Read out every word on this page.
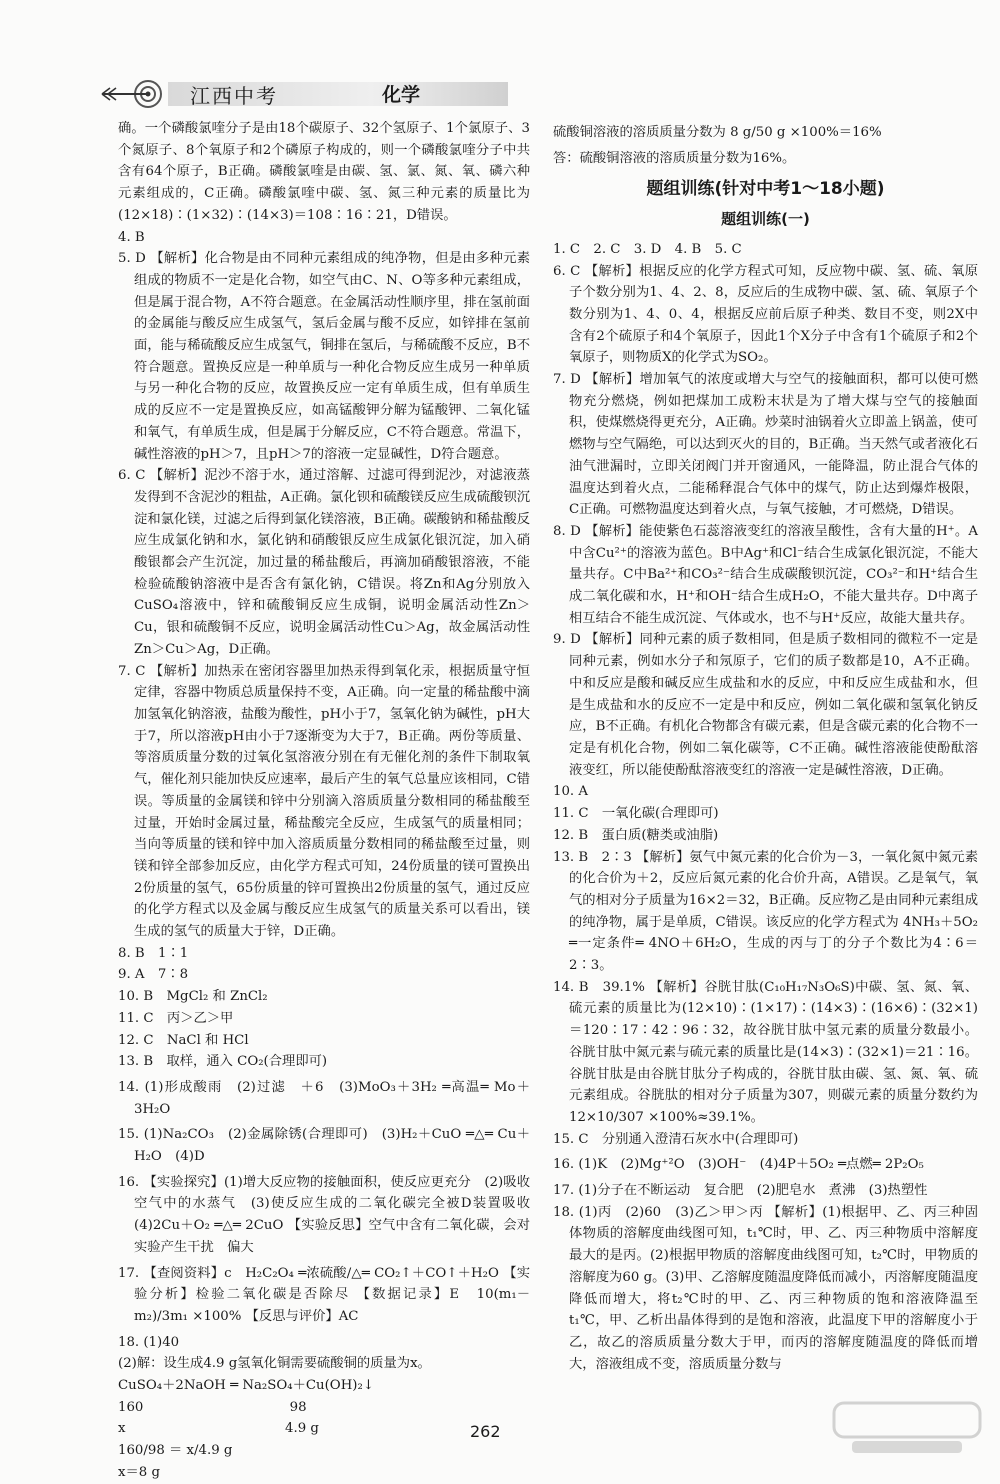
江西中考	化学

确。一个磷酸氯喹分子是由18个碳原子、32个氢原子、1个氯原子、3个氮原子、8个氧原子和2个磷原子构成的，则一个磷酸氯喹分子中共含有64个原子，B正确。磷酸氯喹是由碳、氢、氯、氮、氧、磷六种元素组成的，C正确。磷酸氯喹中碳、氢、氮三种元素的质量比为(12×18)∶(1×32)∶(14×3)＝108∶16∶21，D错误。

4. B

5. D 【解析】化合物是由不同种元素组成的纯净物，但是由多种元素组成的物质不一定是化合物，如空气由C、N、O等多种元素组成，但是属于混合物，A不符合题意。在金属活动性顺序里，排在氢前面的金属能与酸反应生成氢气，氢后金属与酸不反应，如锌排在氢前面，能与稀硫酸反应生成氢气，铜排在氢后，与稀硫酸不反应，B不符合题意。置换反应是一种单质与一种化合物反应生成另一种单质与另一种化合物的反应，故置换反应一定有单质生成，但有单质生成的反应不一定是置换反应，如高锰酸钾分解为锰酸钾、二氧化锰和氧气，有单质生成，但是属于分解反应，C不符合题意。常温下，碱性溶液的pH＞7，且pH＞7的溶液一定显碱性，D符合题意。

6. C 【解析】泥沙不溶于水，通过溶解、过滤可得到泥沙，对滤液蒸发得到不含泥沙的粗盐，A正确。氯化钡和硫酸镁反应生成硫酸钡沉淀和氯化镁，过滤之后得到氯化镁溶液，B正确。碳酸钠和稀盐酸反应生成氯化钠和水，氯化钠和硝酸银反应生成氯化银沉淀，加入硝酸银都会产生沉淀，加过量的稀盐酸后，再滴加硝酸银溶液，不能检验硫酸钠溶液中是否含有氯化钠，C错误。将Zn和Ag分别放入CuSO₄溶液中，锌和硫酸铜反应生成铜，说明金属活动性Zn＞Cu，银和硫酸铜不反应，说明金属活动性Cu＞Ag，故金属活动性Zn＞Cu＞Ag，D正确。

7. C 【解析】加热汞在密闭容器里加热汞得到氧化汞，根据质量守恒定律，容器中物质总质量保持不变，A正确。向一定量的稀盐酸中滴加氢氧化钠溶液，盐酸为酸性，pH小于7，氢氧化钠为碱性，pH大于7，所以溶液pH由小于7逐渐变为大于7，B正确。两份等质量、等溶质质量分数的过氧化氢溶液分别在有无催化剂的条件下制取氧气，催化剂只能加快反应速率，最后产生的氧气总量应该相同，C错误。等质量的金属镁和锌中分别滴入溶质质量分数相同的稀盐酸至过量，开始时金属过量，稀盐酸完全反应，生成氢气的质量相同；当向等质量的镁和锌中加入溶质质量分数相同的稀盐酸至过量，则镁和锌全部参加反应，由化学方程式可知，24份质量的镁可置换出2份质量的氢气，65份质量的锌可置换出2份质量的氢气，通过反应的化学方程式以及金属与酸反应生成氢气的质量关系可以看出，镁生成的氢气的质量大于锌，D正确。

8. B　1∶1

9. A　7∶8

10. B　MgCl₂ 和 ZnCl₂

11. C　丙＞乙＞甲

12. C　NaCl 和 HCl

13. B　取样，通入 CO₂(合理即可)

14. (1)形成酸雨　(2)过滤　＋6　(3)MoO₃＋3H₂ ═高温═ Mo＋3H₂O

15. (1)Na₂CO₃　(2)金属除锈(合理即可)　(3)H₂＋CuO ═△═ Cu＋H₂O　(4)D

16. 【实验探究】(1)增大反应物的接触面积，使反应更充分　(2)吸收空气中的水蒸气　(3)使反应生成的二氧化碳完全被D装置吸收　(4)2Cu＋O₂ ═△═ 2CuO 【实验反思】空气中含有二氧化碳，会对实验产生干扰　偏大

17. 【查阅资料】c　H₂C₂O₄ ═浓硫酸/△═ CO₂↑＋CO↑＋H₂O 【实验分析】检验二氧化碳是否除尽 【数据记录】E　10(m₁－m₂)/3m₁ ×100% 【反思与评价】AC

18. (1)40

(2)解：设生成4.9 g氢氧化铜需要硫酸铜的质量为x。

CuSO₄＋2NaOH ═ Na₂SO₄＋Cu(OH)₂↓

160　　　　　　　　　　　98

x　　　　　　　　　　　　4.9 g

160/98 ＝ x/4.9 g

x＝8 g

硫酸铜溶液的溶质质量分数为 8 g/50 g ×100%＝16%

答：硫酸铜溶液的溶质质量分数为16%。

题组训练(针对中考1～18小题)
题组训练(一)

1. C　2. C　3. D　4. B　5. C

6. C 【解析】根据反应的化学方程式可知，反应物中碳、氢、硫、氧原子个数分别为1、4、2、8，反应后的生成物中碳、氢、硫、氧原子个数分别为1、4、0、4，根据反应前后原子种类、数目不变，则2X中含有2个硫原子和4个氧原子，因此1个X分子中含有1个硫原子和2个氧原子，则物质X的化学式为SO₂。

7. D 【解析】增加氧气的浓度或增大与空气的接触面积，都可以使可燃物充分燃烧，例如把煤加工成粉末状是为了增大煤与空气的接触面积，使煤燃烧得更充分，A正确。炒菜时油锅着火立即盖上锅盖，使可燃物与空气隔绝，可以达到灭火的目的，B正确。当天然气或者液化石油气泄漏时，立即关闭阀门并开窗通风，一能降温，防止混合气体的温度达到着火点，二能稀释混合气体中的煤气，防止达到爆炸极限，C正确。可燃物温度达到着火点，与氧气接触，才可燃烧，D错误。

8. D 【解析】能使紫色石蕊溶液变红的溶液呈酸性，含有大量的H⁺。A中含Cu²⁺的溶液为蓝色。B中Ag⁺和Cl⁻结合生成氯化银沉淀，不能大量共存。C中Ba²⁺和CO₃²⁻结合生成碳酸钡沉淀，CO₃²⁻和H⁺结合生成二氧化碳和水，H⁺和OH⁻结合生成H₂O，不能大量共存。D中离子相互结合不能生成沉淀、气体或水，也不与H⁺反应，故能大量共存。

9. D 【解析】同种元素的质子数相同，但是质子数相同的微粒不一定是同种元素，例如水分子和氖原子，它们的质子数都是10，A不正确。中和反应是酸和碱反应生成盐和水的反应，中和反应生成盐和水，但是生成盐和水的反应不一定是中和反应，例如二氧化碳和氢氧化钠反应，B不正确。有机化合物都含有碳元素，但是含碳元素的化合物不一定是有机化合物，例如二氧化碳等，C不正确。碱性溶液能使酚酞溶液变红，所以能使酚酞溶液变红的溶液一定是碱性溶液，D正确。

10. A

11. C　一氧化碳(合理即可)

12. B　蛋白质(糖类或油脂)

13. B　2∶3 【解析】氨气中氮元素的化合价为－3，一氧化氮中氮元素的化合价为＋2，反应后氮元素的化合价升高，A错误。乙是氧气，氧气的相对分子质量为16×2＝32，B正确。反应物乙是由同种元素组成的纯净物，属于是单质，C错误。该反应的化学方程式为 4NH₃＋5O₂ ═一定条件═ 4NO＋6H₂O，生成的丙与丁的分子个数比为4∶6＝2∶3。

14. B　39.1% 【解析】谷胱甘肽(C₁₀H₁₇N₃O₆S)中碳、氢、氮、氧、硫元素的质量比为(12×10)∶(1×17)∶(14×3)∶(16×6)∶(32×1)＝120∶17∶42∶96∶32，故谷胱甘肽中氢元素的质量分数最小。谷胱甘肽中氮元素与硫元素的质量比是(14×3)∶(32×1)＝21∶16。谷胱甘肽是由谷胱甘肽分子构成的，谷胱甘肽由碳、氢、氮、氧、硫元素组成。谷胱肽的相对分子质量为307，则碳元素的质量分数约为 12×10/307 ×100%≈39.1%。

15. C　分别通入澄清石灰水中(合理即可)

16. (1)K　(2)Mg⁺²O　(3)OH⁻　(4)4P＋5O₂ ═点燃═ 2P₂O₅

17. (1)分子在不断运动　复合肥　(2)肥皂水　煮沸　(3)热塑性

18. (1)丙　(2)60　(3)乙＞甲＞丙 【解析】(1)根据甲、乙、丙三种固体物质的溶解度曲线图可知，t₁℃时，甲、乙、丙三种物质中溶解度最大的是丙。(2)根据甲物质的溶解度曲线图可知，t₂℃时，甲物质的溶解度为60 g。(3)甲、乙溶解度随温度降低而减小，丙溶解度随温度降低而增大，将t₂℃时的甲、乙、丙三种物质的饱和溶液降温至t₁℃，甲、乙析出晶体得到的是饱和溶液，此温度下甲的溶解度小于乙，故乙的溶质质量分数大于甲，而丙的溶解度随温度的降低而增大，溶液组成不变，溶质质量分数与

262
